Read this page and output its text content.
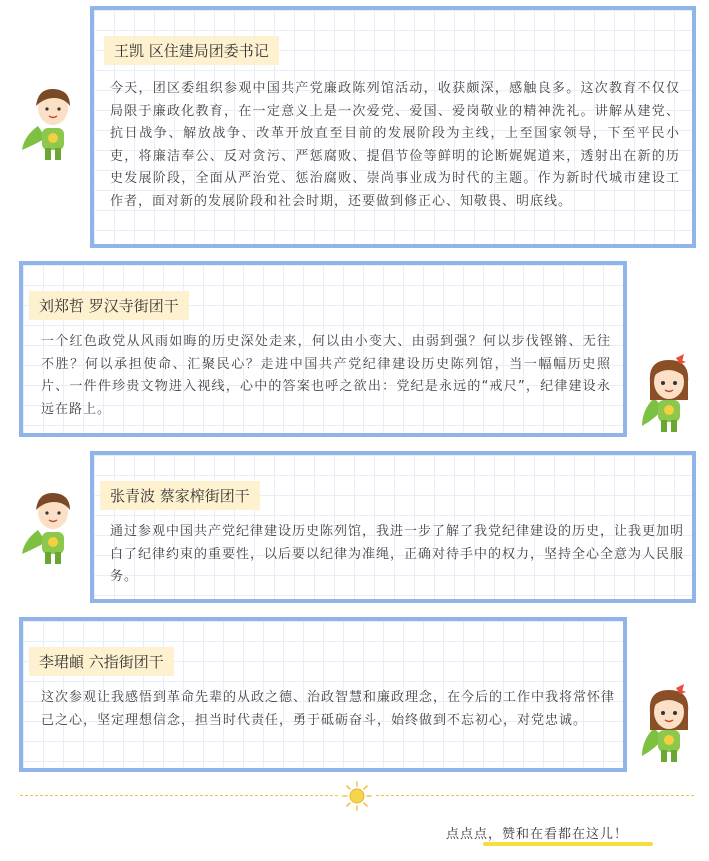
王凯 区住建局团委书记
今天，团区委组织参观中国共产党廉政陈列馆活动，收获颇深，感触良多。这次教育不仅仅局限于廉政化教育，在一定意义上是一次爱党、爱国、爱岗敬业的精神洗礼。讲解从建党、抗日战争、解放战争、改革开放直至目前的发展阶段为主线，上至国家领导，下至平民小吏，将廉洁奉公、反对贪污、严惩腐败、提倡节俭等鲜明的论断娓娓道来，透射出在新的历史发展阶段，全面从严治党、惩治腐败、崇尚事业成为时代的主题。作为新时代城市建设工作者，面对新的发展阶段和社会时期，还要做到修正心、知敬畏、明底线。
刘郑哲 罗汉寺街团干
一个红色政党从风雨如晦的历史深处走来，何以由小变大、由弱到强？何以步伐铿锵、无往不胜？何以承担使命、汇聚民心？走进中国共产党纪律建设历史陈列馆，当一幅幅历史照片、一件件珍贵文物进入视线，心中的答案也呼之欲出：党纪是永远的“戒尺”，纪律建设永远在路上。
张青波 蔡家榨街团干
通过参观中国共产党纪律建设历史陈列馆，我进一步了解了我党纪律建设的历史，让我更加明白了纪律约束的重要性，以后要以纪律为准绳，正确对待手中的权力，坚持全心全意为人民服务。
李珺頔 六指街团干
这次参观让我感悟到革命先辈的从政之德、治政智慧和廉政理念，在今后的工作中我将常怀律己之心，坚定理想信念，担当时代责任，勇于砥砺奋斗，始终做到不忘初心，对党忠诚。
点点点，赞和在看都在这儿！
